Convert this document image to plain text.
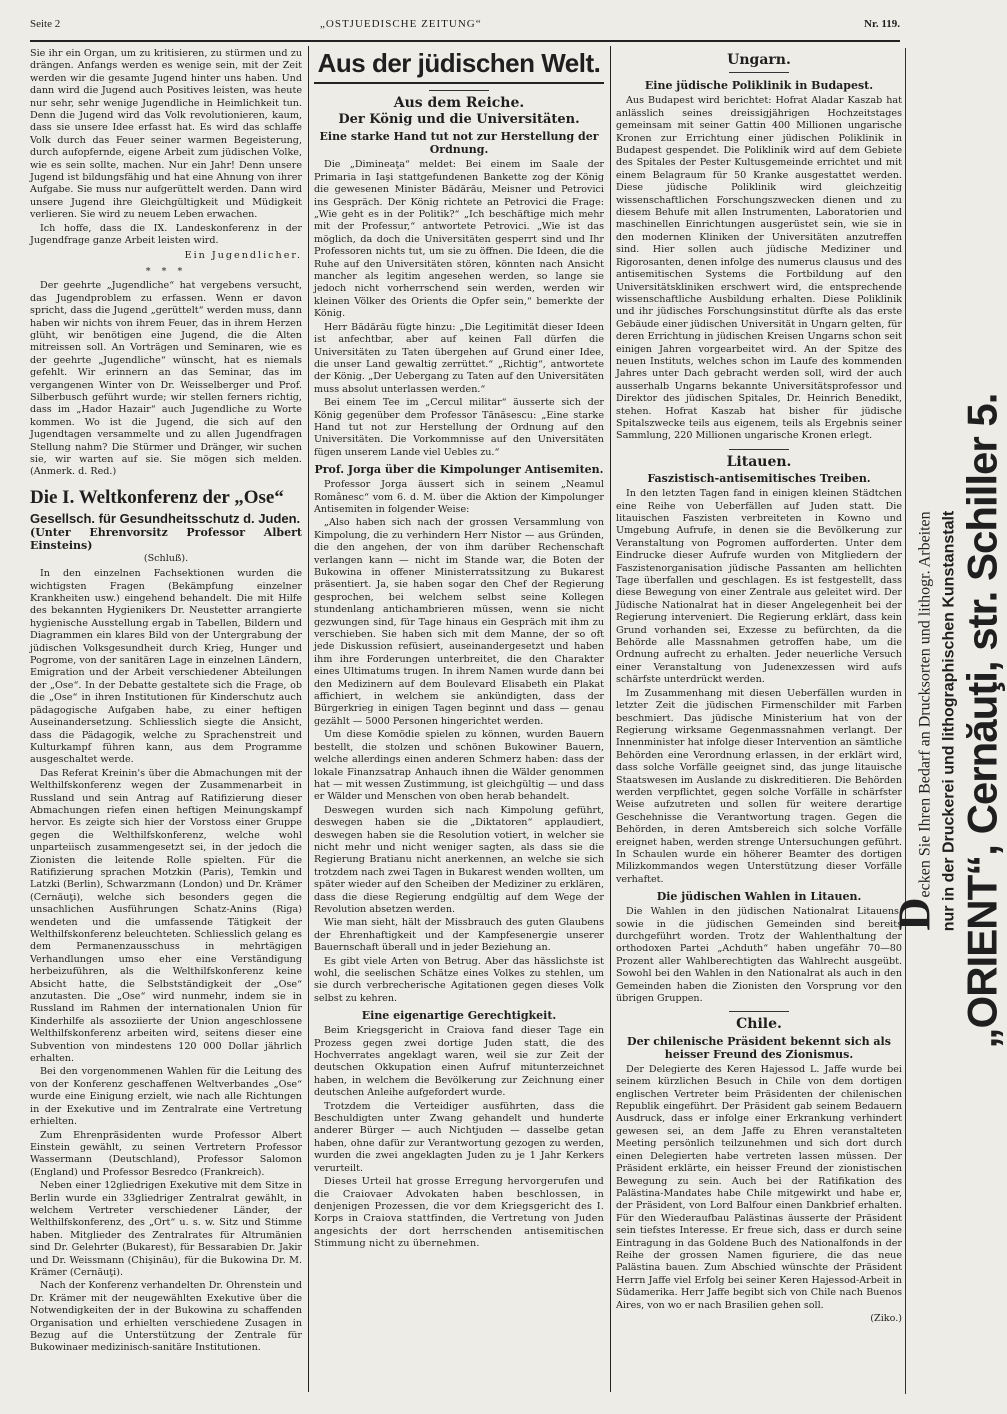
Seite 2	„OSTJUEDISCHE ZEITUNG“	Nr. 119.

Sie ihr ein Organ, um zu kritisieren, zu stürmen und zu drängen. Anfangs werden es wenige sein, mit der Zeit werden wir die gesamte Jugend hinter uns haben. Und dann wird die Jugend auch Positives leisten, was heute nur sehr, sehr wenige Jugendliche in Heimlichkeit tun. Denn die Jugend wird das Volk revolutionieren, kaum, dass sie unsere Idee erfasst hat. Es wird das schlaffe Volk durch das Feuer seiner warmen Begeisterung, durch aufopfernde, eigene Arbeit zum jüdischen Volke, wie es sein sollte, machen. Nur ein Jahr! Denn unsere Jugend ist bildungsfähig und hat eine Ahnung von ihrer Aufgabe. Sie muss nur aufgerüttelt werden. Dann wird unsere Jugend ihre Gleichgültigkeit und Müdigkeit verlieren. Sie wird zu neuem Leben erwachen.

Ich hoffe, dass die IX. Landeskonferenz in der Jugendfrage ganze Arbeit leisten wird.

Ein Jugendlicher.
* * *

Der geehrte „Jugendliche“ hat vergebens versucht, das Jugendproblem zu erfassen. Wenn er davon spricht, dass die Jugend „gerüttelt“ werden muss, dann haben wir nichts von ihrem Feuer, das in ihrem Herzen glüht, wir benötigen eine Jugend, die die Alten mitreissen soll. An Vorträgen und Seminaren, wie es der geehrte „Jugendliche“ wünscht, hat es niemals gefehlt. Wir erinnern an das Seminar, das im vergangenen Winter von Dr. Weisselberger und Prof. Silberbusch geführt wurde; wir stellen ferners richtig, dass im „Hador Hazair“ auch Jugendliche zu Worte kommen. Wo ist die Jugend, die sich auf den Jugendtagen versammelte und zu allen Jugendfragen Stellung nahm? Die Stürmer und Dränger, wir suchen sie, wir warten auf sie. Sie mögen sich melden. (Anmerk. d. Red.)

Die I. Weltkonferenz der „Ose“
Gesellsch. für Gesundheitsschutz d. Juden.
(Unter Ehrenvorsitz Professor Albert Einsteins)
(Schluß).

In den einzelnen Fachsektionen wurden die wichtigsten Fragen (Bekämpfung einzelner Krankheiten usw.) eingehend behandelt. Die mit Hilfe des bekannten Hygienikers Dr. Neustetter arrangierte hygienische Ausstellung ergab in Tabellen, Bildern und Diagrammen ein klares Bild von der Untergrabung der jüdischen Volksgesundheit durch Krieg, Hunger und Pogrome, von der sanitären Lage in einzelnen Ländern, Emigration und der Arbeit verschiedener Abteilungen der „Ose“. In der Debatte gestaltete sich die Frage, ob die „Ose“ in ihren Institutionen für Kinderschutz auch pädagogische Aufgaben habe, zu einer heftigen Auseinandersetzung. Schliesslich siegte die Ansicht, dass die Pädagogik, welche zu Sprachenstreit und Kulturkampf führen kann, aus dem Programme ausgeschaltet werde.

Das Referat Kreinin's über die Abmachungen mit der Welthilfskonferenz wegen der Zusammenarbeit in Russland und sein Antrag auf Ratifizierung dieser Abmachungen riefen einen heftigen Meinungskampf hervor. Es zeigte sich hier der Vorstoss einer Gruppe gegen die Welthilfskonferenz, welche wohl unparteiisch zusammengesetzt sei, in der jedoch die Zionisten die leitende Rolle spielten. Für die Ratifizierung sprachen Motzkin (Paris), Temkin und Latzki (Berlin), Schwarzmann (London) und Dr. Krämer (Cernăuţi), welche sich besonders gegen die unsachlichen Ausführungen Schatz-Anins (Riga) wendeten und die umfassende Tätigkeit der Welthilfskonferenz beleuchteten. Schliesslich gelang es dem Permanenzausschuss in mehrtägigen Verhandlungen umso eher eine Verständigung herbeizuführen, als die Welthilfskonferenz keine Absicht hatte, die Selbstständigkeit der „Ose“ anzutasten. Die „Ose“ wird nunmehr, indem sie in Russland im Rahmen der internationalen Union für Kinderhilfe als assoziierte der Union angeschlossene Welthilfskonferenz arbeiten wird, seitens dieser eine Subvention von mindestens 120 000 Dollar jährlich erhalten.

Bei den vorgenommenen Wahlen für die Leitung des von der Konferenz geschaffenen Weltverbandes „Ose“ wurde eine Einigung erzielt, wie nach alle Richtungen in der Exekutive und im Zentralrate eine Vertretung erhielten.

Zum Ehrenpräsidenten wurde Professor Albert Einstein gewählt, zu seinen Vertretern Professor Wassermann (Deutschland), Professor Salomon (England) und Professor Besredco (Frankreich).

Neben einer 12gliedrigen Exekutive mit dem Sitze in Berlin wurde ein 33gliedriger Zentralrat gewählt, in welchem Vertreter verschiedener Länder, der Welthilfskonferenz, des „Ort“ u. s. w. Sitz und Stimme haben. Mitglieder des Zentralrates für Altrumänien sind Dr. Gelehrter (Bukarest), für Bessarabien Dr. Jakir und Dr. Weissmann (Chişinău), für die Bukowina Dr. M. Krämer (Cernăuţi).

Nach der Konferenz verhandelten Dr. Ohrenstein und Dr. Krämer mit der neugewählten Exekutive über die Notwendigkeiten der in der Bukowina zu schaffenden Organisation und erhielten verschiedene Zusagen in Bezug auf die Unterstützung der Zentrale für Bukowinaer medizinisch-sanitäre Institutionen.

Aus der jüdischen Welt.
Aus dem Reiche.
Der König und die Universitäten.
Eine starke Hand tut not zur Herstellung der Ordnung.

Die „Dimineaţa“ meldet: Bei einem im Saale der Primaria in Iaşi stattgefundenen Bankette zog der König die gewesenen Minister Bădărău, Meisner und Petrovici ins Gespräch. Der König richtete an Petrovici die Frage: „Wie geht es in der Politik?“ „Ich beschäftige mich mehr mit der Professur,“ antwortete Petrovici. „Wie ist das möglich, da doch die Universitäten gesperrt sind und Ihr Professoren nichts tut, um sie zu öffnen. Die Ideen, die die Ruhe auf den Universitäten stören, könnten nach Ansicht mancher als legitim angesehen werden, so lange sie jedoch nicht vorherrschend sein werden, werden wir kleinen Völker des Orients die Opfer sein,“ bemerkte der König.

Herr Bădărău fügte hinzu: „Die Legitimität dieser Ideen ist anfechtbar, aber auf keinen Fall dürfen die Universitäten zu Taten übergehen auf Grund einer Idee, die unser Land gewaltig zerrüttet.“ „Richtig“, antwortete der König. „Der Uebergang zu Taten auf den Universitäten muss absolut unterlassen werden.“

Bei einem Tee im „Cercul militar“ äusserte sich der König gegenüber dem Professor Tănăsescu: „Eine starke Hand tut not zur Herstellung der Ordnung auf den Universitäten. Die Vorkommnisse auf den Universitäten fügen unserem Lande viel Uebles zu.“

Prof. Jorga über die Kimpolunger Antisemiten.

Professor Jorga äussert sich in seinem „Neamul Românesc“ vom 6. d. M. über die Aktion der Kimpolunger Antisemiten in folgender Weise:

„Also haben sich nach der grossen Versammlung von Kimpolung, die zu verhindern Herr Nistor — aus Gründen, die den angehen, der von ihm darüber Rechenschaft verlangen kann — nicht im Stande war, die Boten der Bukowina in offener Ministerratssitzung zu Bukarest präsentiert. Ja, sie haben sogar den Chef der Regierung gesprochen, bei welchem selbst seine Kollegen stundenlang antichambrieren müssen, wenn sie nicht gezwungen sind, für Tage hinaus ein Gespräch mit ihm zu verschieben. Sie haben sich mit dem Manne, der so oft jede Diskussion refüsiert, auseinandergesetzt und haben ihm ihre Forderungen unterbreitet, die den Charakter eines Ultimatums trugen. In ihrem Namen wurde dann bei den Medizinern auf dem Boulevard Elisabeth ein Plakat affichiert, in welchem sie ankündigten, dass der Bürgerkrieg in einigen Tagen beginnt und dass — genau gezählt — 5000 Personen hingerichtet werden.

Um diese Komödie spielen zu können, wurden Bauern bestellt, die stolzen und schönen Bukowiner Bauern, welche allerdings einen anderen Schmerz haben: dass der lokale Finanzsatrap Anhauch ihnen die Wälder genommen hat — mit wessen Zustimmung, ist gleichgültig — und dass er Wälder und Menschen von oben herab behandelt.

Deswegen wurden sich nach Kimpolung geführt, deswegen haben sie die „Diktatoren“ applaudiert, deswegen haben sie die Resolution votiert, in welcher sie nicht mehr und nicht weniger sagten, als dass sie die Regierung Bratianu nicht anerkennen, an welche sie sich trotzdem nach zwei Tagen in Bukarest wenden wollten, um später wieder auf den Scheiben der Mediziner zu erklären, dass die diese Regierung endgültig auf dem Wege der Revolution absetzen werden.

Wie man sieht, hält der Missbrauch des guten Glaubens der Ehrenhaftigkeit und der Kampfesenergie unserer Bauernschaft überall und in jeder Beziehung an.

Es gibt viele Arten von Betrug. Aber das hässlichste ist wohl, die seelischen Schätze eines Volkes zu stehlen, um sie durch verbrecherische Agitationen gegen dieses Volk selbst zu kehren.

Eine eigenartige Gerechtigkeit.

Beim Kriegsgericht in Craiova fand dieser Tage ein Prozess gegen zwei dortige Juden statt, die des Hochverrates angeklagt waren, weil sie zur Zeit der deutschen Okkupation einen Aufruf mitunterzeichnet haben, in welchem die Bevölkerung zur Zeichnung einer deutschen Anleihe aufgefordert wurde.

Trotzdem die Verteidiger ausführten, dass die Beschuldigten unter Zwang gehandelt und hunderte anderer Bürger — auch Nichtjuden — dasselbe getan haben, ohne dafür zur Verantwortung gezogen zu werden, wurden die zwei angeklagten Juden zu je 1 Jahr Kerkers verurteilt.

Dieses Urteil hat grosse Erregung hervorgerufen und die Craiovaer Advokaten haben beschlossen, in denjenigen Prozessen, die vor dem Kriegsgericht des I. Korps in Craiova stattfinden, die Vertretung von Juden angesichts der dort herrschenden antisemitischen Stimmung nicht zu übernehmen.

Ungarn.
Eine jüdische Poliklinik in Budapest.

Aus Budapest wird berichtet: Hofrat Aladar Kaszab hat anlässlich seines dreissigjährigen Hochzeitstages gemeinsam mit seiner Gattin 400 Millionen ungarische Kronen zur Errichtung einer jüdischen Poliklinik in Budapest gespendet. Die Poliklinik wird auf dem Gebiete des Spitales der Pester Kultusgemeinde errichtet und mit einem Belagraum für 50 Kranke ausgestattet werden. Diese jüdische Poliklinik wird gleichzeitig wissenschaftlichen Forschungszwecken dienen und zu diesem Behufe mit allen Instrumenten, Laboratorien und maschinellen Einrichtungen ausgerüstet sein, wie sie in den modernen Kliniken der Universitäten anzutreffen sind. Hier sollen auch jüdische Mediziner und Rigorosanten, denen infolge des numerus clausus und des antisemitischen Systems die Fortbildung auf den Universitätskliniken erschwert wird, die entsprechende wissenschaftliche Ausbildung erhalten. Diese Poliklinik und ihr jüdisches Forschungsinstitut dürfte als das erste Gebäude einer jüdischen Universität in Ungarn gelten, für deren Errichtung in jüdischen Kreisen Ungarns schon seit einigen Jahren vorgearbeitet wird. An der Spitze des neuen Instituts, welches schon im Laufe des kommenden Jahres unter Dach gebracht werden soll, wird der auch ausserhalb Ungarns bekannte Universitätsprofessor und Direktor des jüdischen Spitales, Dr. Heinrich Benedikt, stehen. Hofrat Kaszab hat bisher für jüdische Spitalszwecke teils aus eigenem, teils als Ergebnis seiner Sammlung, 220 Millionen ungarische Kronen erlegt.

Litauen.
Faszistisch-antisemitisches Treiben.

In den letzten Tagen fand in einigen kleinen Städtchen eine Reihe von Ueberfällen auf Juden statt. Die litauischen Faszisten verbreiteten in Kowno und Umgebung Aufrufe, in denen sie die Bevölkerung zur Veranstaltung von Pogromen aufforderten. Unter dem Eindrucke dieser Aufrufe wurden von Mitgliedern der Faszistenorganisation jüdische Passanten am hellichten Tage überfallen und geschlagen. Es ist festgestellt, dass diese Bewegung von einer Zentrale aus geleitet wird. Der Jüdische Nationalrat hat in dieser Angelegenheit bei der Regierung interveniert. Die Regierung erklärt, dass kein Grund vorhanden sei, Exzesse zu befürchten, da die Behörde alle Massnahmen getroffen habe, um die Ordnung aufrecht zu erhalten. Jeder neuerliche Versuch einer Veranstaltung von Judenexzessen wird aufs schärfste unterdrückt werden.

Im Zusammenhang mit diesen Ueberfällen wurden in letzter Zeit die jüdischen Firmenschilder mit Farben beschmiert. Das jüdische Ministerium hat von der Regierung wirksame Gegenmassnahmen verlangt. Der Innenminister hat infolge dieser Intervention an sämtliche Behörden eine Verordnung erlassen, in der erklärt wird, dass solche Vorfälle geeignet sind, das junge litauische Staatswesen im Auslande zu diskreditieren. Die Behörden werden verpflichtet, gegen solche Vorfälle in schärfster Weise aufzutreten und sollen für weitere derartige Geschehnisse die Verantwortung tragen. Gegen die Behörden, in deren Amtsbereich sich solche Vorfälle ereignet haben, werden strenge Untersuchungen geführt. In Schaulen wurde ein höherer Beamter des dortigen Milizkommandos wegen Unterstützung dieser Vorfälle verhaftet.

Die jüdischen Wahlen in Litauen.

Die Wahlen in den jüdischen Nationalrat Litauens, sowie in die jüdischen Gemeinden sind bereits durchgeführt worden. Trotz der Wahlenthaltung der orthodoxen Partei „Achduth“ haben ungefähr 70—80 Prozent aller Wahlberechtigten das Wahlrecht ausgeübt. Sowohl bei den Wahlen in den Nationalrat als auch in den Gemeinden haben die Zionisten den Vorsprung vor den übrigen Gruppen.

Chile.
Der chilenische Präsident bekennt sich als heisser Freund des Zionismus.

Der Delegierte des Keren Hajessod L. Jaffe wurde bei seinem kürzlichen Besuch in Chile von dem dortigen englischen Vertreter beim Präsidenten der chilenischen Republik eingeführt. Der Präsident gab seinem Bedauern Ausdruck, dass er infolge einer Erkrankung verhindert gewesen sei, an dem Jaffe zu Ehren veranstalteten Meeting persönlich teilzunehmen und sich dort durch einen Delegierten habe vertreten lassen müssen. Der Präsident erklärte, ein heisser Freund der zionistischen Bewegung zu sein. Auch bei der Ratifikation des Palästina-Mandates habe Chile mitgewirkt und habe er, der Präsident, von Lord Balfour einen Dankbrief erhalten. Für den Wiederaufbau Palästinas äusserte der Präsident sein tiefstes Interesse. Er freue sich, dass er durch seine Eintragung in das Goldene Buch des Nationalfonds in der Reihe der grossen Namen figuriere, die das neue Palästina bauen. Zum Abschied wünschte der Präsident Herrn Jaffe viel Erfolg bei seiner Keren Hajessod-Arbeit in Südamerika. Herr Jaffe begibt sich von Chile nach Buenos Aires, von wo er nach Brasilien gehen soll.

(Ziko.)
Decken Sie Ihren Bedarf an Drucksorten und lithogr. Arbeiten nur in der Druckerei und lithographischen Kunstanstalt „ORIENT“, Cernăuţi, str. Schiller 5.
